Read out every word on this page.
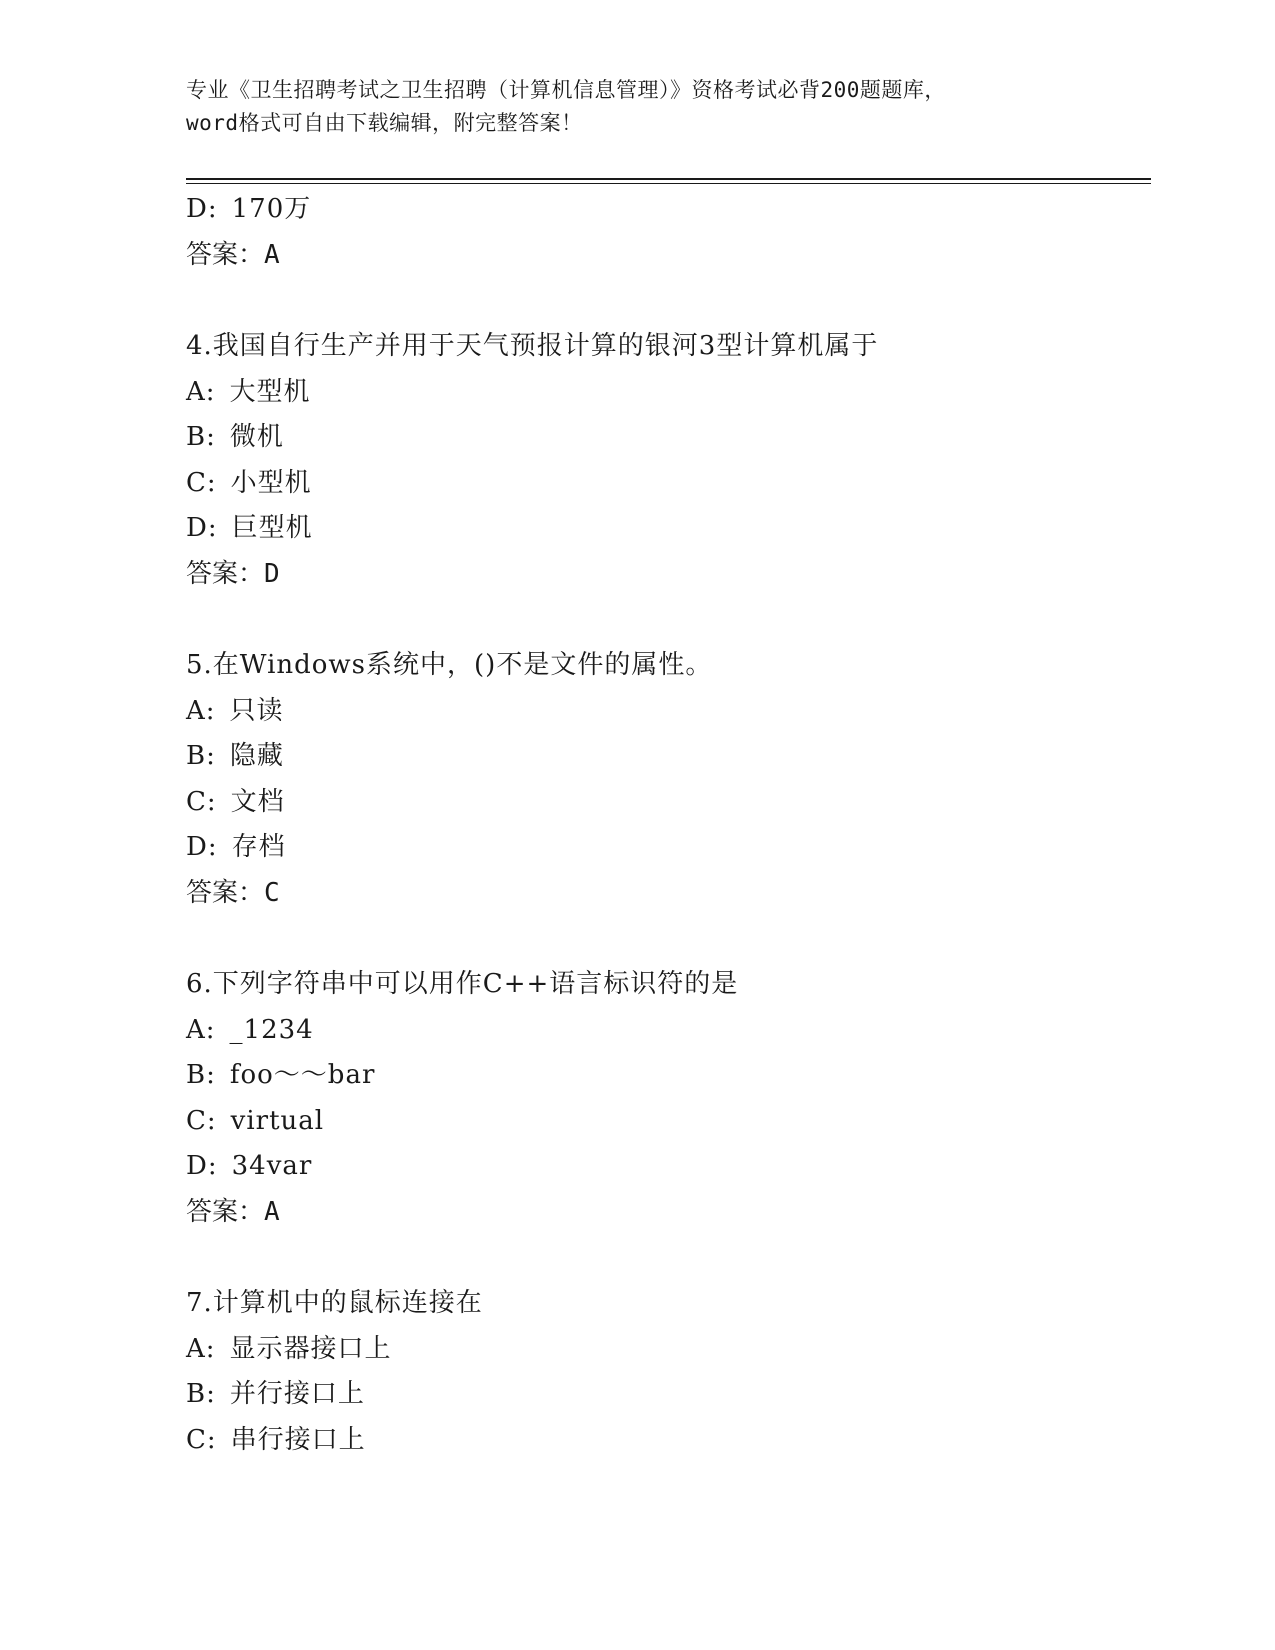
专业《卫生招聘考试之卫生招聘（计算机信息管理）》资格考试必背200题题库，
word格式可自由下载编辑，附完整答案！
D: 170万
答案：A
4.我国自行生产并用于天气预报计算的银河3型计算机属于
A: 大型机
B: 微机
C: 小型机
D: 巨型机
答案：D
5.在Windows系统中，()不是文件的属性。
A: 只读
B: 隐藏
C: 文档
D: 存档
答案：C
6.下列字符串中可以用作C++语言标识符的是
A: _1234
B: foo～～bar
C: virtual
D: 34var
答案：A
7.计算机中的鼠标连接在
A: 显示器接口上
B: 并行接口上
C: 串行接口上
